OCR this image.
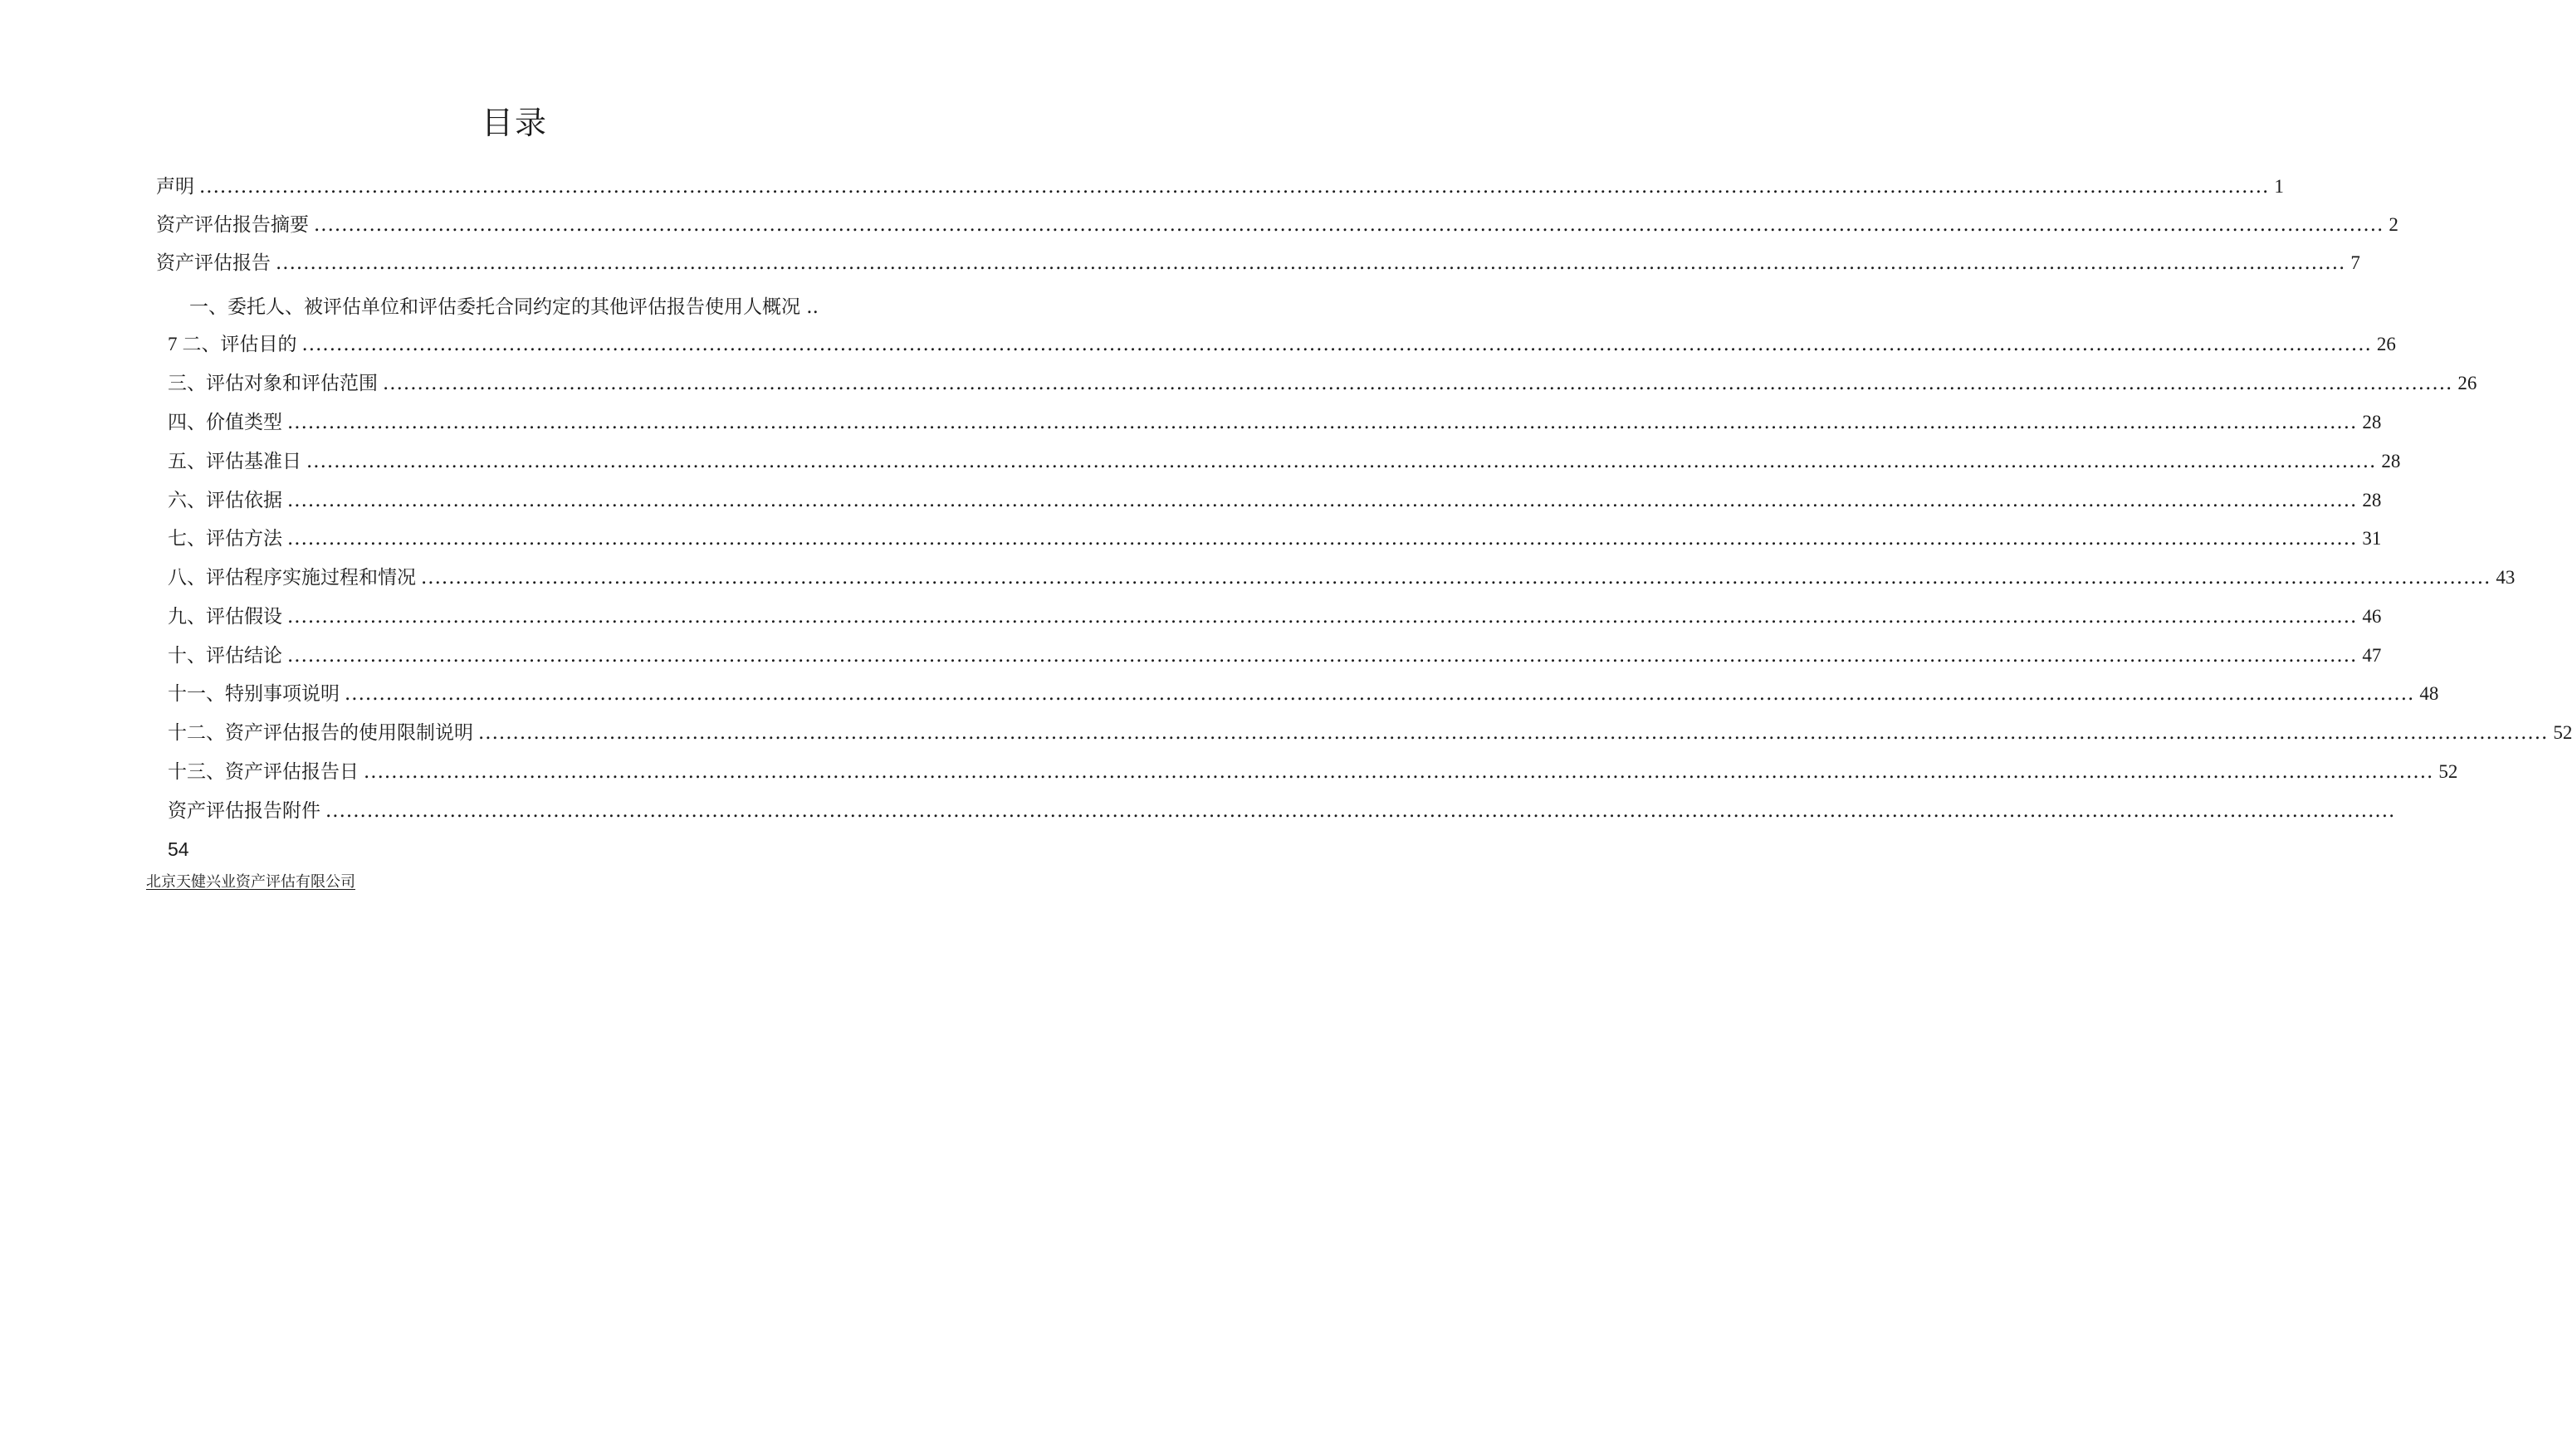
目录
声明 ............................................................................................................................................................................................................................................................................................................ 1
资产评估报告摘要 ............................................................................................................................................................................................................................................................................................................ 2
资产评估报告 ............................................................................................................................................................................................................................................................................................................ 7
一、委托人、被评估单位和评估委托合同约定的其他评估报告使用人概况 ..
7 二、评估目的 ............................................................................................................................................................................................................................................................................................................ 26
三、评估对象和评估范围 ............................................................................................................................................................................................................................................................................................................ 26
四、价值类型 ............................................................................................................................................................................................................................................................................................................ 28
五、评估基准日 ............................................................................................................................................................................................................................................................................................................ 28
六、评估依据 ............................................................................................................................................................................................................................................................................................................ 28
七、评估方法 ............................................................................................................................................................................................................................................................................................................ 31
八、评估程序实施过程和情况 ............................................................................................................................................................................................................................................................................................................ 43
九、评估假设 ............................................................................................................................................................................................................................................................................................................ 46
十、评估结论 ............................................................................................................................................................................................................................................................................................................ 47
十一、特别事项说明 ............................................................................................................................................................................................................................................................................................................ 48
十二、资产评估报告的使用限制说明 ............................................................................................................................................................................................................................................................................................................ 52
十三、资产评估报告日 ............................................................................................................................................................................................................................................................................................................ 52
资产评估报告附件 ............................................................................................................................................................................................................................................................................................................
54
北京天健兴业资产评估有限公司
